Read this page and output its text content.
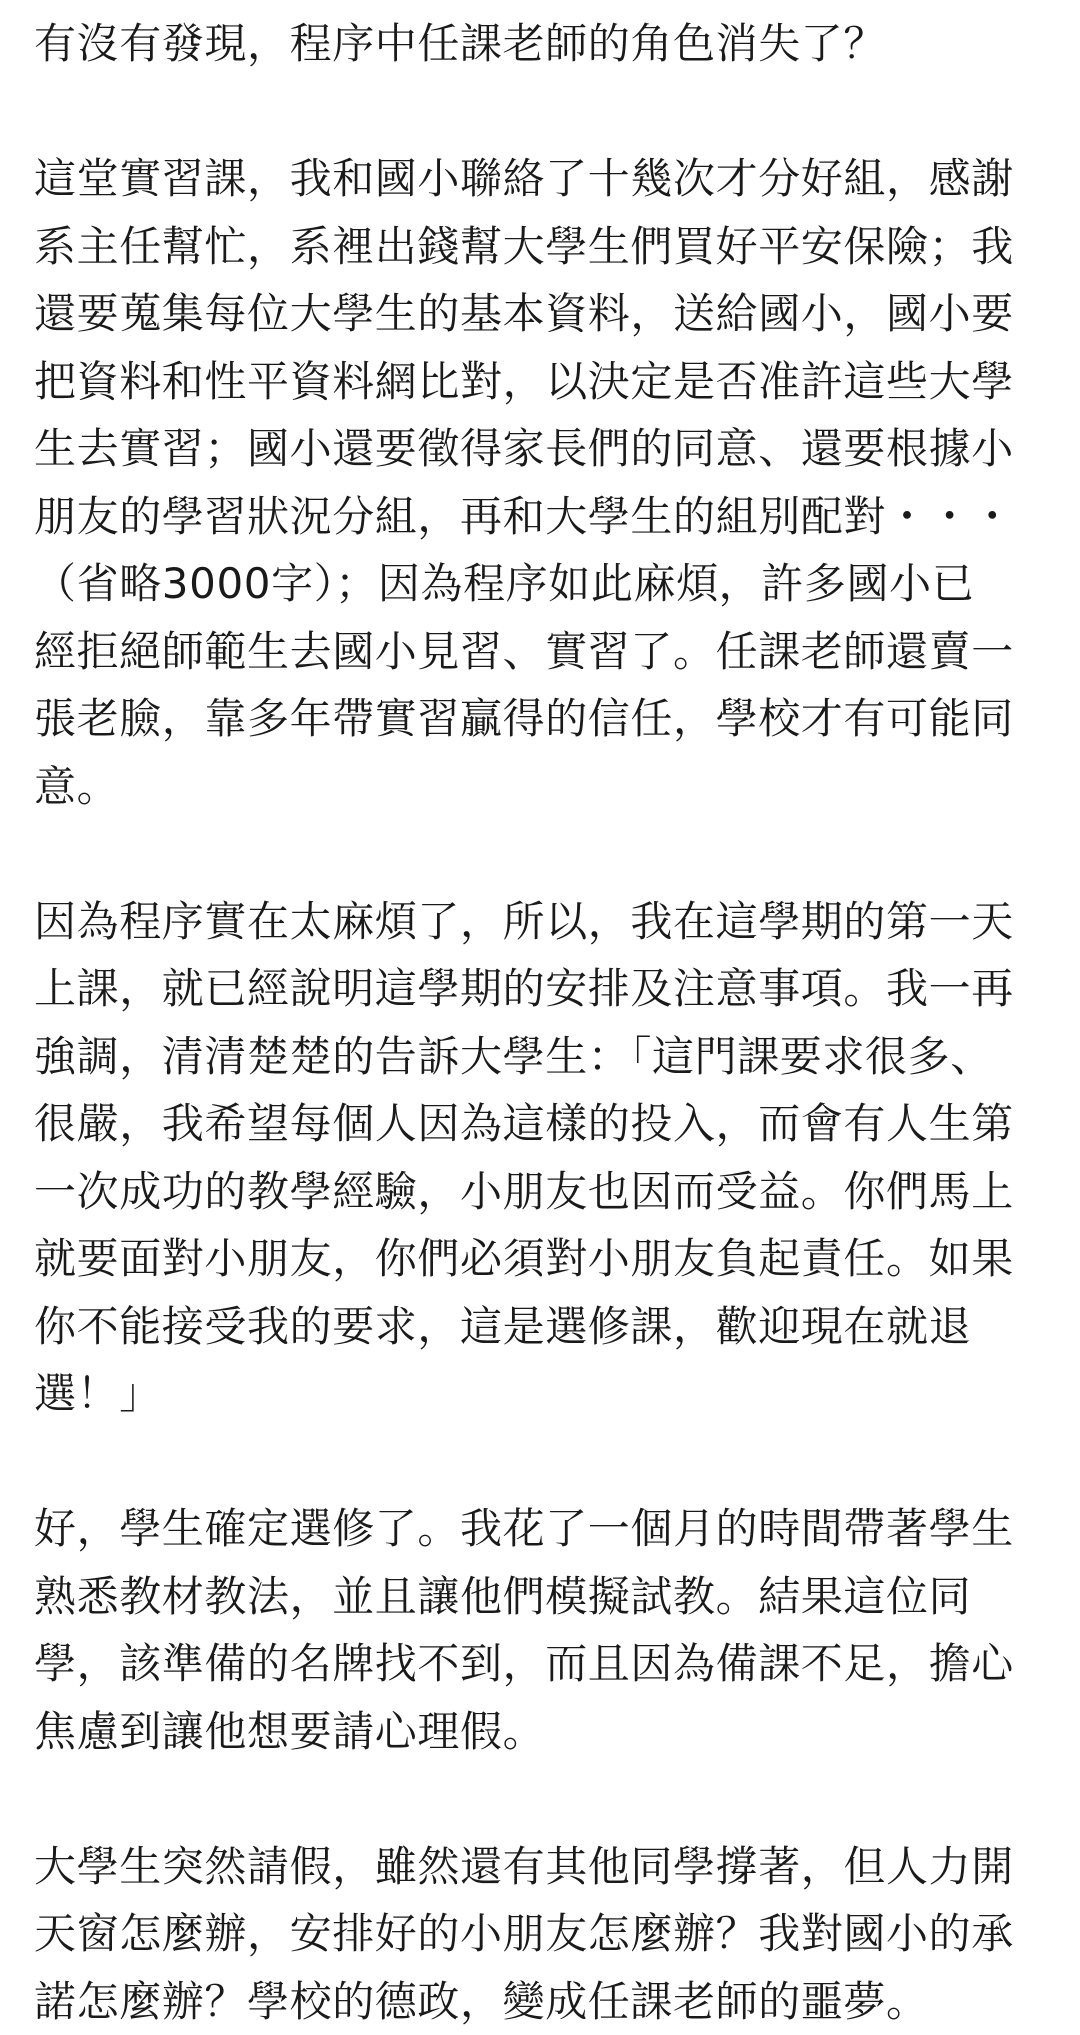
有沒有發現，程序中任課老師的角色消失了？

這堂實習課，我和國小聯絡了十幾次才分好組，感謝
系主任幫忙，系裡出錢幫大學生們買好平安保險；我
還要蒐集每位大學生的基本資料，送給國小，國小要
把資料和性平資料網比對，以決定是否准許這些大學
生去實習；國小還要徵得家長們的同意、還要根據小
朋友的學習狀況分組，再和大學生的組別配對・・・
（省略3000字）；因為程序如此麻煩，許多國小已
經拒絕師範生去國小見習、實習了。任課老師還賣一
張老臉，靠多年帶實習贏得的信任，學校才有可能同
意。

因為程序實在太麻煩了，所以，我在這學期的第一天
上課，就已經說明這學期的安排及注意事項。我一再
強調，清清楚楚的告訴大學生：「這門課要求很多、
很嚴，我希望每個人因為這樣的投入，而會有人生第
一次成功的教學經驗，小朋友也因而受益。你們馬上
就要面對小朋友，你們必須對小朋友負起責任。如果
你不能接受我的要求，這是選修課，歡迎現在就退
選！」

好，學生確定選修了。我花了一個月的時間帶著學生
熟悉教材教法，並且讓他們模擬試教。結果這位同
學，該準備的名牌找不到，而且因為備課不足，擔心
焦慮到讓他想要請心理假。

大學生突然請假，雖然還有其他同學撐著，但人力開
天窗怎麼辦，安排好的小朋友怎麼辦？我對國小的承
諾怎麼辦？學校的德政，變成任課老師的噩夢。
